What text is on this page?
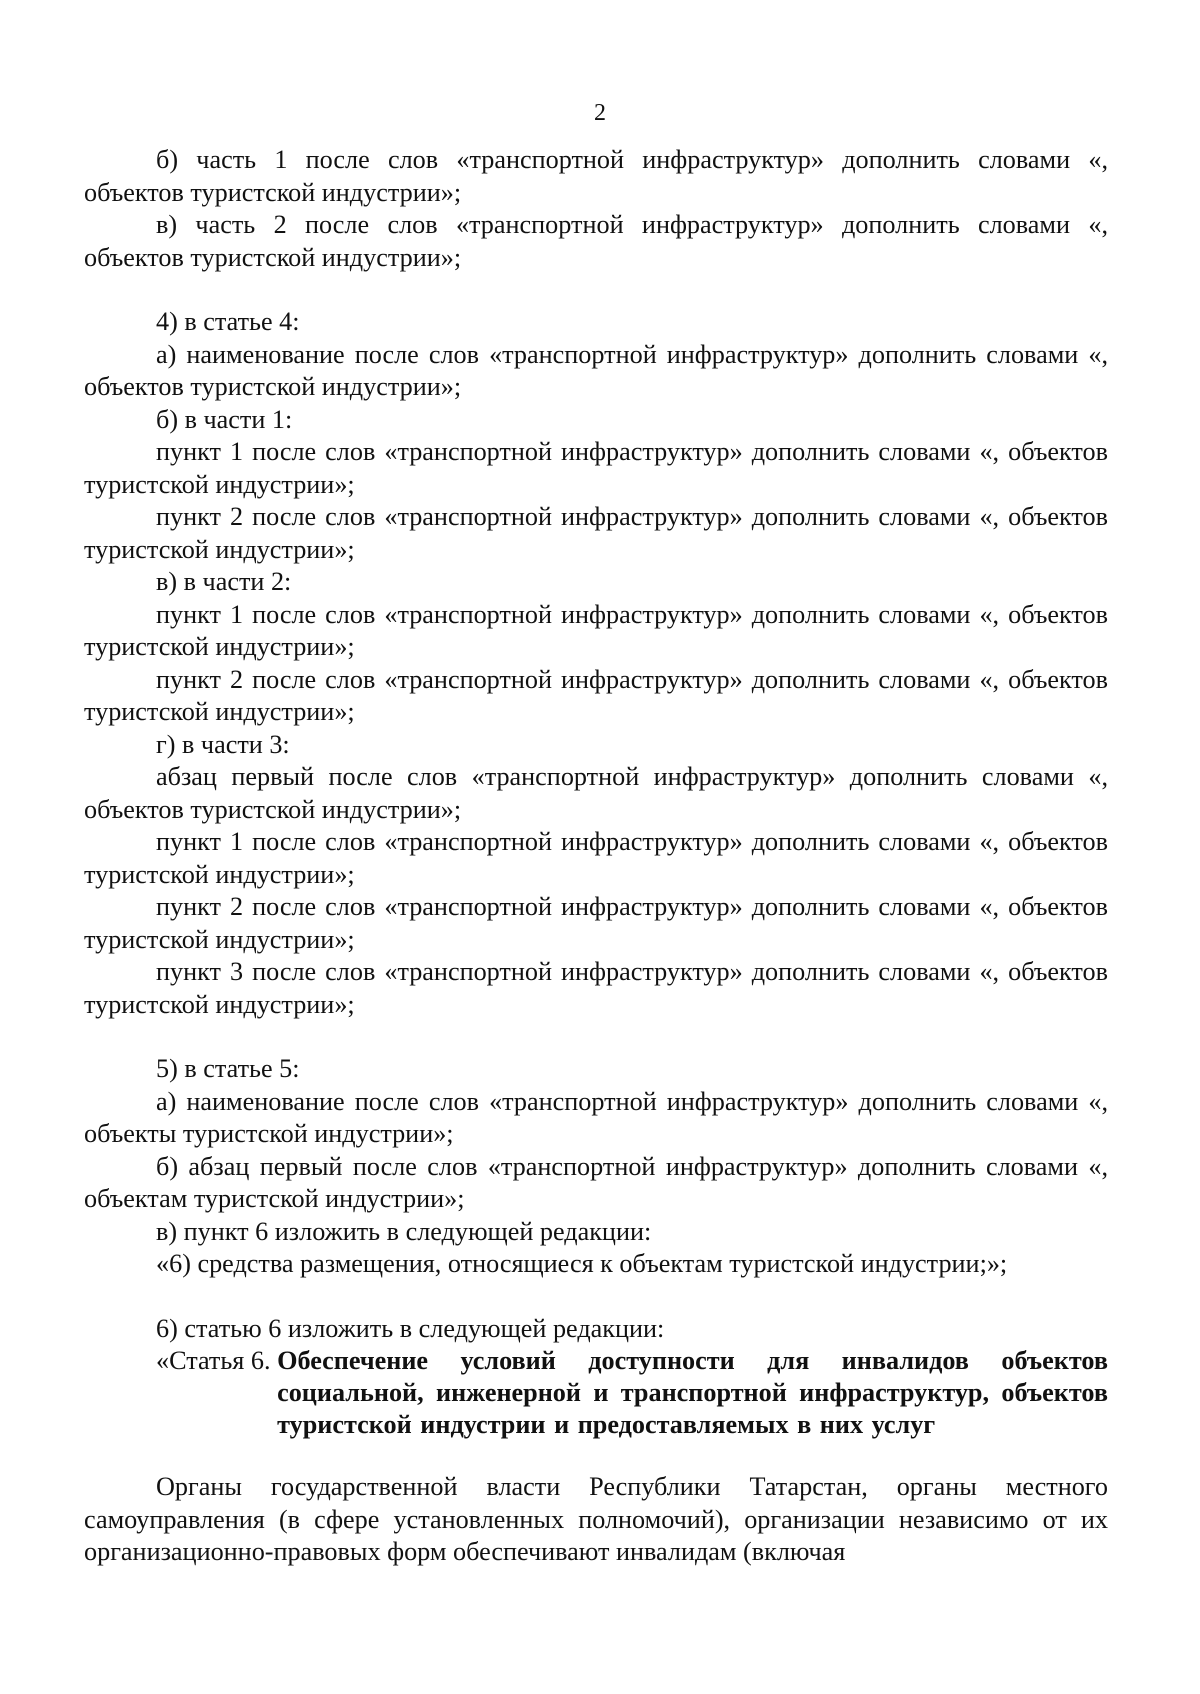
2

б) часть 1 после слов «транспортной инфраструктур» дополнить словами «, объектов туристской индустрии»;

в) часть 2 после слов «транспортной инфраструктур» дополнить словами «, объектов туристской индустрии»;

4) в статье 4:

а) наименование после слов «транспортной инфраструктур» дополнить словами «, объектов туристской индустрии»;

б) в части 1:

пункт 1 после слов «транспортной инфраструктур» дополнить словами «, объектов туристской индустрии»;

пункт 2 после слов «транспортной инфраструктур» дополнить словами «, объектов туристской индустрии»;

в) в части 2:

пункт 1 после слов «транспортной инфраструктур» дополнить словами «, объектов туристской индустрии»;

пункт 2 после слов «транспортной инфраструктур» дополнить словами «, объектов туристской индустрии»;

г) в части 3:

абзац первый после слов «транспортной инфраструктур» дополнить словами «, объектов туристской индустрии»;

пункт 1 после слов «транспортной инфраструктур» дополнить словами «, объектов туристской индустрии»;

пункт 2 после слов «транспортной инфраструктур» дополнить словами «, объектов туристской индустрии»;

пункт 3 после слов «транспортной инфраструктур» дополнить словами «, объектов туристской индустрии»;

5) в статье 5:

а) наименование после слов «транспортной инфраструктур» дополнить словами «, объекты туристской индустрии»;

б) абзац первый после слов «транспортной инфраструктур» дополнить словами «, объектам туристской индустрии»;

в) пункт 6 изложить в следующей редакции:

«6) средства размещения, относящиеся к объектам туристской индустрии;»;

6) статью 6 изложить в следующей редакции:

«Статья 6. Обеспечение условий доступности для инвалидов объектов социальной, инженерной и транспортной инфраструктур, объектов туристской индустрии и предоставляемых в них услуг

Органы государственной власти Республики Татарстан, органы местного самоуправления (в сфере установленных полномочий), организации независимо от их организационно-правовых форм обеспечивают инвалидам (включая
